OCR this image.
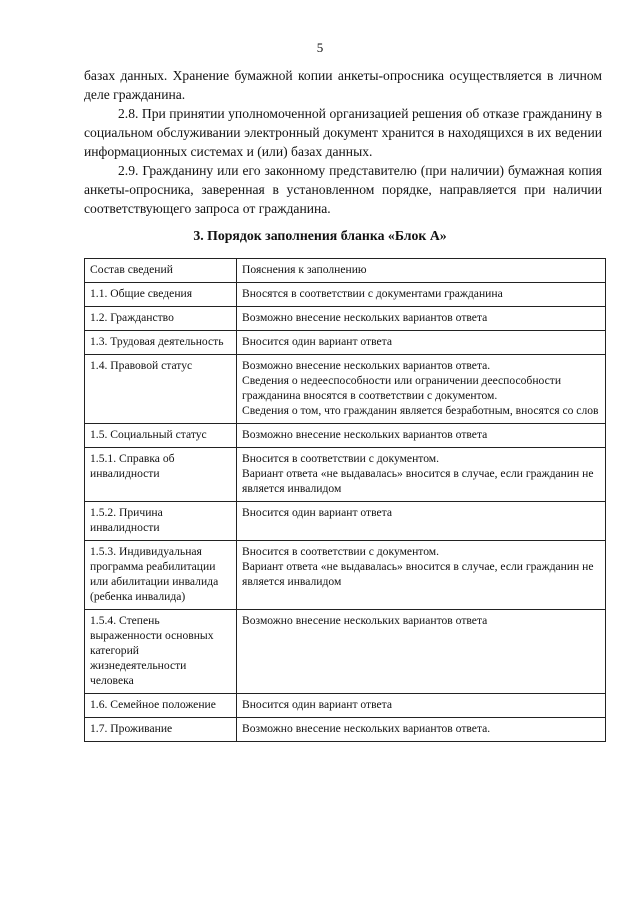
5

базах данных. Хранение бумажной копии анкеты-опросника осуществляется в личном деле гражданина.

2.8. При принятии уполномоченной организацией решения об отказе гражданину в социальном обслуживании электронный документ хранится в находящихся в их ведении информационных системах и (или) базах данных.

2.9. Гражданину или его законному представителю (при наличии) бумажная копия анкеты-опросника, заверенная в установленном порядке, направляется при наличии соответствующего запроса от гражданина.

3. Порядок заполнения бланка «Блок А»
Состав сведений	Пояснения к заполнению
1.1. Общие сведения	Вносятся в соответствии с документами гражданина

1.2. Гражданство	Возможно внесение нескольких вариантов ответа

1.3. Трудовая деятельность	Вносится один вариант ответа

1.4. Правовой статус	Возможно внесение нескольких вариантов ответа.
Сведения о недееспособности или ограничении дееспособности гражданина вносятся в соответствии с документом.
Сведения о том, что гражданин является безработным, вносятся со слов

1.5. Социальный статус	Возможно внесение нескольких вариантов ответа

1.5.1. Справка об инвалидности	Вносится в соответствии с документом.
Вариант ответа «не выдавалась» вносится в случае, если гражданин не является инвалидом

1.5.2. Причина инвалидности	Вносится один вариант ответа

1.5.3. Индивидуальная программа реабилитации или абилитации инвалида (ребенка инвалида)	Вносится в соответствии с документом.
Вариант ответа «не выдавалась» вносится в случае, если гражданин не является инвалидом

1.5.4. Степень выраженности основных категорий жизнедеятельности человека	Возможно внесение нескольких вариантов ответа

1.6. Семейное положение	Вносится один вариант ответа

1.7. Проживание	Возможно внесение нескольких вариантов ответа.
